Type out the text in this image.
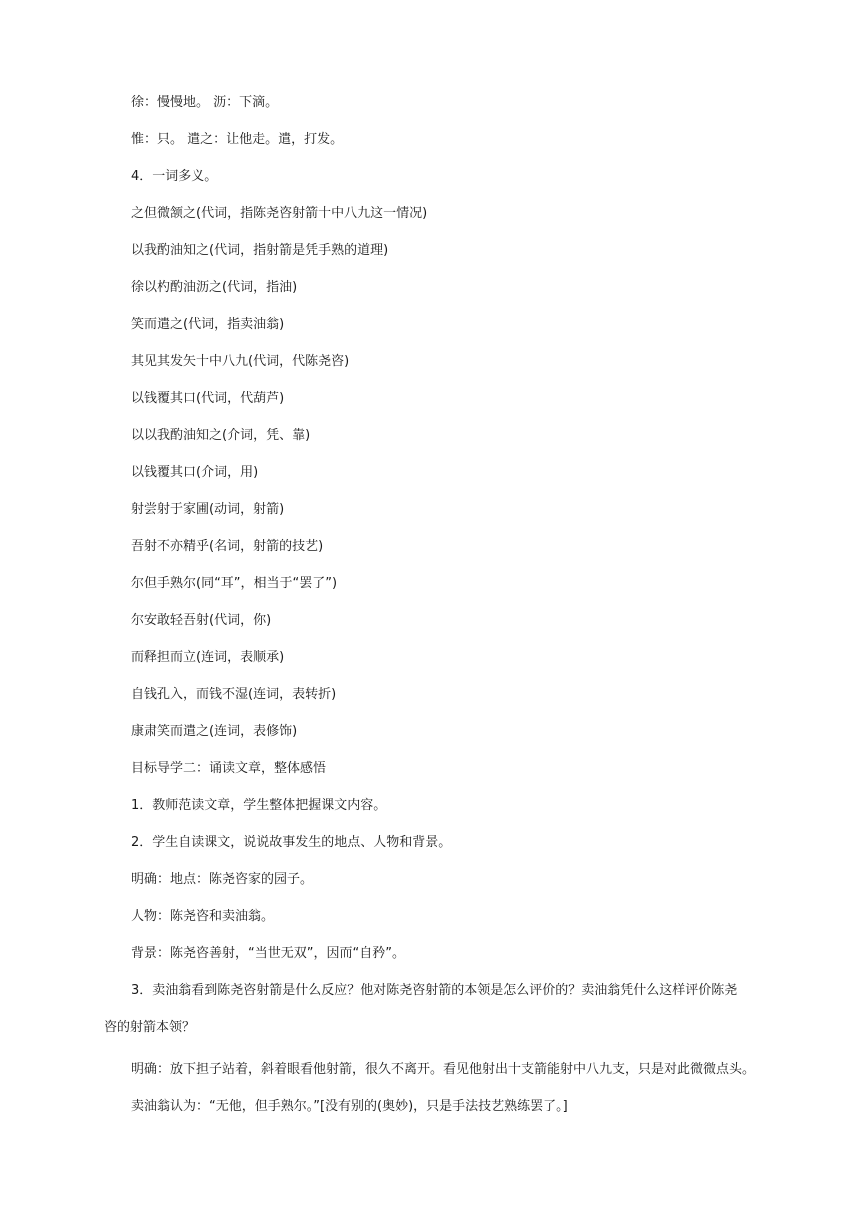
徐：慢慢地。 沥：下滴。
惟：只。 遣之：让他走。遣，打发。
4．一词多义。
之但微颔之(代词，指陈尧咨射箭十中八九这一情况)
以我酌油知之(代词，指射箭是凭手熟的道理)
徐以杓酌油沥之(代词，指油)
笑而遣之(代词，指卖油翁)
其见其发矢十中八九(代词，代陈尧咨)
以钱覆其口(代词，代葫芦)
以以我酌油知之(介词，凭、靠)
以钱覆其口(介词，用)
射尝射于家圃(动词，射箭)
吾射不亦精乎(名词，射箭的技艺)
尔但手熟尔(同“耳”，相当于“罢了”)
尔安敢轻吾射(代词，你)
而释担而立(连词，表顺承)
自钱孔入，而钱不湿(连词，表转折)
康肃笑而遣之(连词，表修饰)
目标导学二：诵读文章，整体感悟
1．教师范读文章，学生整体把握课文内容。
2．学生自读课文，说说故事发生的地点、人物和背景。
明确：地点：陈尧咨家的园子。
人物：陈尧咨和卖油翁。
背景：陈尧咨善射，“当世无双”，因而“自矜”。
3．卖油翁看到陈尧咨射箭是什么反应？他对陈尧咨射箭的本领是怎么评价的？卖油翁凭什么这样评价陈尧
咨的射箭本领？
明确：放下担子站着，斜着眼看他射箭，很久不离开。看见他射出十支箭能射中八九支，只是对此微微点头。
卖油翁认为：“无他，但手熟尔。”[没有别的(奥妙)，只是手法技艺熟练罢了。]
